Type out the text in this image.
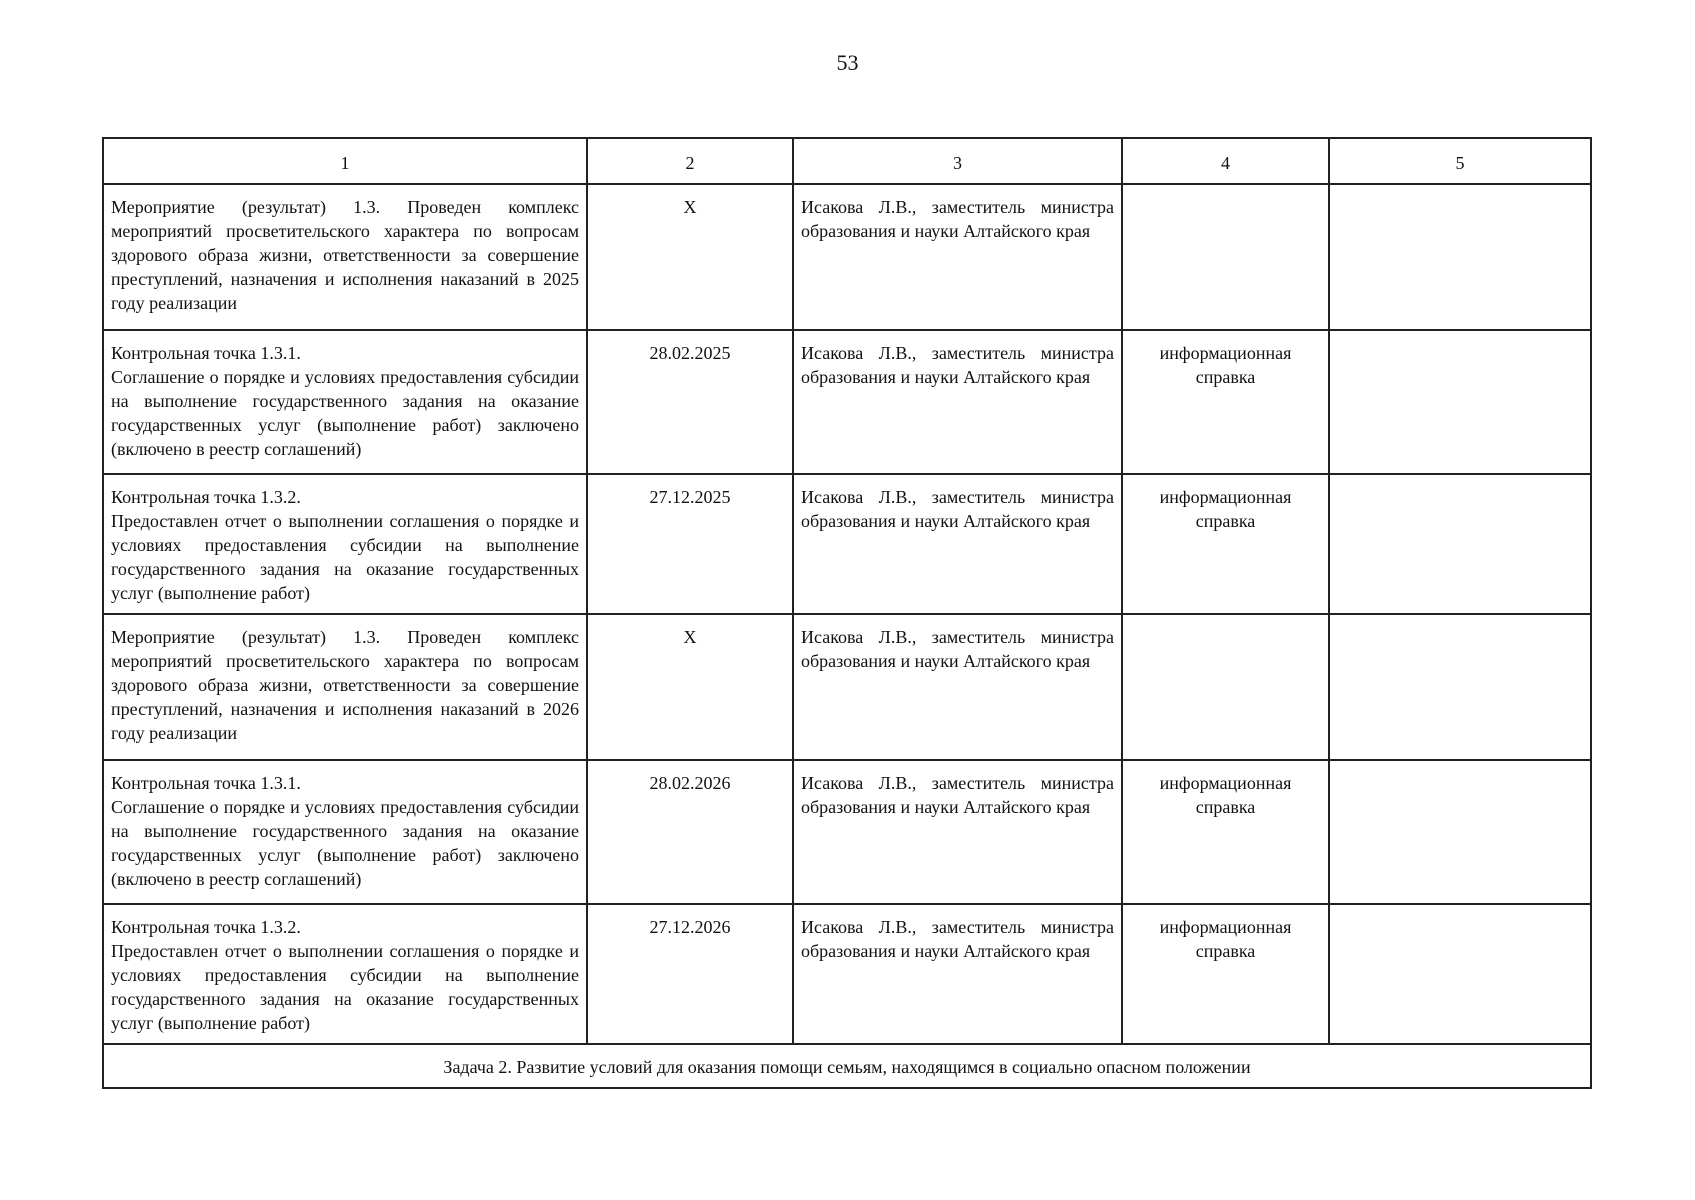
53
1	2	3	4	5

Мероприятие (результат) 1.3. Проведен комплекс мероприятий просветительского характера по вопросам здорового образа жизни, ответственности за совершение преступлений, назначения и исполнения наказаний в 2025 году реализации	X	Исакова Л.В., заместитель министра образования и науки Алтайского края		

Контрольная точка 1.3.1.
Соглашение о порядке и условиях предоставления субсидии на выполнение государственного задания на оказание государственных услуг (выполнение работ) заключено (включено в реестр соглашений)	28.02.2025	Исакова Л.В., заместитель министра образования и науки Алтайского края	информационная справка	

Контрольная точка 1.3.2.
Предоставлен отчет о выполнении соглашения о порядке и условиях предоставления субсидии на выполнение государственного задания на оказание государственных услуг (выполнение работ)	27.12.2025	Исакова Л.В., заместитель министра образования и науки Алтайского края	информационная справка	

Мероприятие (результат) 1.3. Проведен комплекс мероприятий просветительского характера по вопросам здорового образа жизни, ответственности за совершение преступлений, назначения и исполнения наказаний в 2026 году реализации	X	Исакова Л.В., заместитель министра образования и науки Алтайского края		

Контрольная точка 1.3.1.
Соглашение о порядке и условиях предоставления субсидии на выполнение государственного задания на оказание государственных услуг (выполнение работ) заключено (включено в реестр соглашений)	28.02.2026	Исакова Л.В., заместитель министра образования и науки Алтайского края	информационная справка	

Контрольная точка 1.3.2.
Предоставлен отчет о выполнении соглашения о порядке и условиях предоставления субсидии на выполнение государственного задания на оказание государственных услуг (выполнение работ)	27.12.2026	Исакова Л.В., заместитель министра образования и науки Алтайского края	информационная справка	
Задача 2. Развитие условий для оказания помощи семьям, находящимся в социально опасном положении				
